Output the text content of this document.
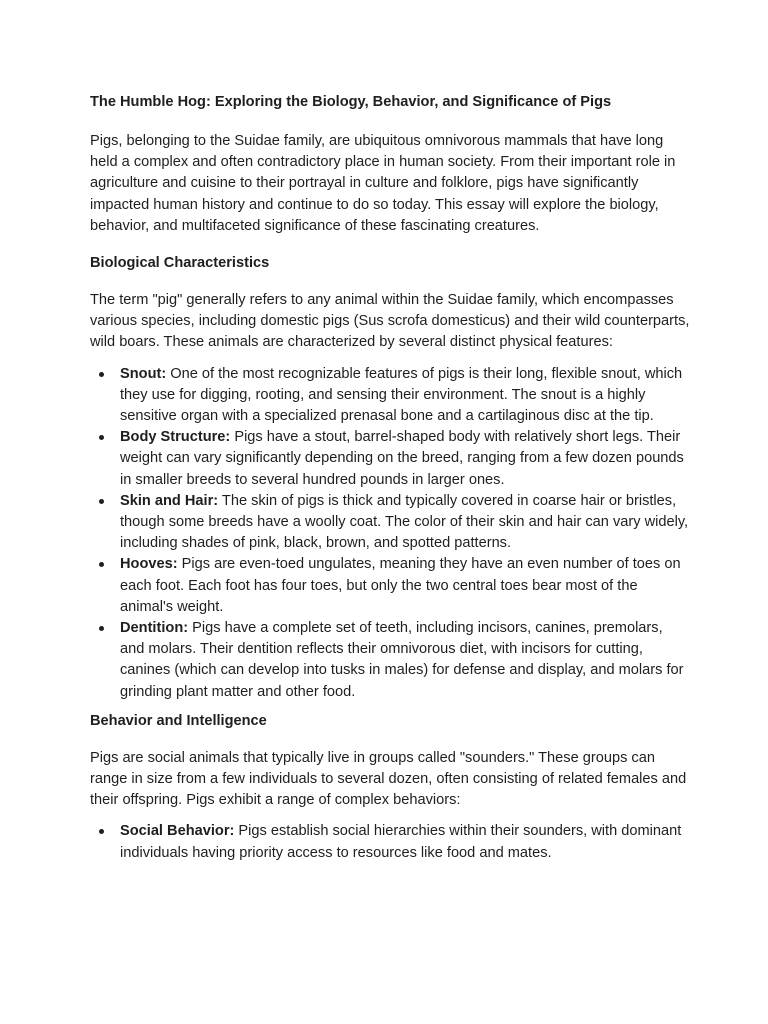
The Humble Hog: Exploring the Biology, Behavior, and Significance of Pigs

Pigs, belonging to the Suidae family, are ubiquitous omnivorous mammals that have long held a complex and often contradictory place in human society. From their important role in agriculture and cuisine to their portrayal in culture and folklore, pigs have significantly impacted human history and continue to do so today. This essay will explore the biology, behavior, and multifaceted significance of these fascinating creatures.

Biological Characteristics

The term "pig" generally refers to any animal within the Suidae family, which encompasses various species, including domestic pigs (Sus scrofa domesticus) and their wild counterparts, wild boars. These animals are characterized by several distinct physical features:

Snout: One of the most recognizable features of pigs is their long, flexible snout, which they use for digging, rooting, and sensing their environment. The snout is a highly sensitive organ with a specialized prenasal bone and a cartilaginous disc at the tip.
Body Structure: Pigs have a stout, barrel-shaped body with relatively short legs. Their weight can vary significantly depending on the breed, ranging from a few dozen pounds in smaller breeds to several hundred pounds in larger ones.
Skin and Hair: The skin of pigs is thick and typically covered in coarse hair or bristles, though some breeds have a woolly coat. The color of their skin and hair can vary widely, including shades of pink, black, brown, and spotted patterns.
Hooves: Pigs are even-toed ungulates, meaning they have an even number of toes on each foot. Each foot has four toes, but only the two central toes bear most of the animal's weight.
Dentition: Pigs have a complete set of teeth, including incisors, canines, premolars, and molars. Their dentition reflects their omnivorous diet, with incisors for cutting, canines (which can develop into tusks in males) for defense and display, and molars for grinding plant matter and other food.
Behavior and Intelligence

Pigs are social animals that typically live in groups called "sounders." These groups can range in size from a few individuals to several dozen, often consisting of related females and their offspring. Pigs exhibit a range of complex behaviors:

Social Behavior: Pigs establish social hierarchies within their sounders, with dominant individuals having priority access to resources like food and mates.
